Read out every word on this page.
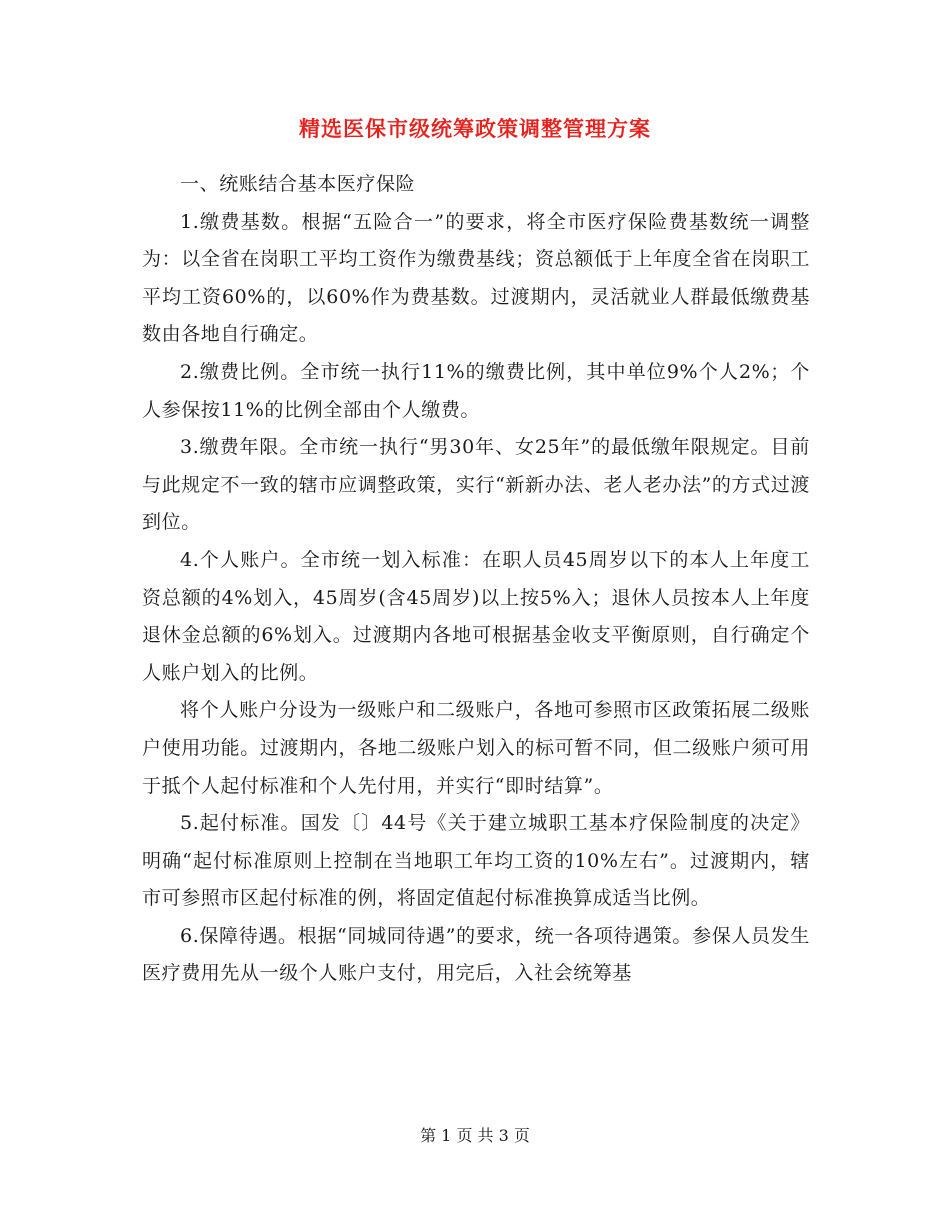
精选医保市级统筹政策调整管理方案

一、统账结合基本医疗保险

1.缴费基数。根据“五险合一”的要求，将全市医疗保险费基数统一调整为：以全省在岗职工平均工资作为缴费基线；资总额低于上年度全省在岗职工平均工资60%的，以60%作为费基数。过渡期内，灵活就业人群最低缴费基数由各地自行确定。

2.缴费比例。全市统一执行11%的缴费比例，其中单位9%个人2%；个人参保按11%的比例全部由个人缴费。

3.缴费年限。全市统一执行“男30年、女25年”的最低缴年限规定。目前与此规定不一致的辖市应调整政策，实行“新新办法、老人老办法”的方式过渡到位。

4.个人账户。全市统一划入标准：在职人员45周岁以下的本人上年度工资总额的4%划入，45周岁(含45周岁)以上按5%入；退休人员按本人上年度退休金总额的6%划入。过渡期内各地可根据基金收支平衡原则，自行确定个人账户划入的比例。

将个人账户分设为一级账户和二级账户，各地可参照市区政策拓展二级账户使用功能。过渡期内，各地二级账户划入的标可暂不同，但二级账户须可用于抵个人起付标准和个人先付用，并实行“即时结算”。

5.起付标准。国发〔〕44号《关于建立城职工基本疗保险制度的决定》明确“起付标准原则上控制在当地职工年均工资的10%左右”。过渡期内，辖市可参照市区起付标准的例，将固定值起付标准换算成适当比例。

6.保障待遇。根据“同城同待遇”的要求，统一各项待遇策。参保人员发生医疗费用先从一级个人账户支付，用完后，入社会统筹基

第 1 页 共 3 页
